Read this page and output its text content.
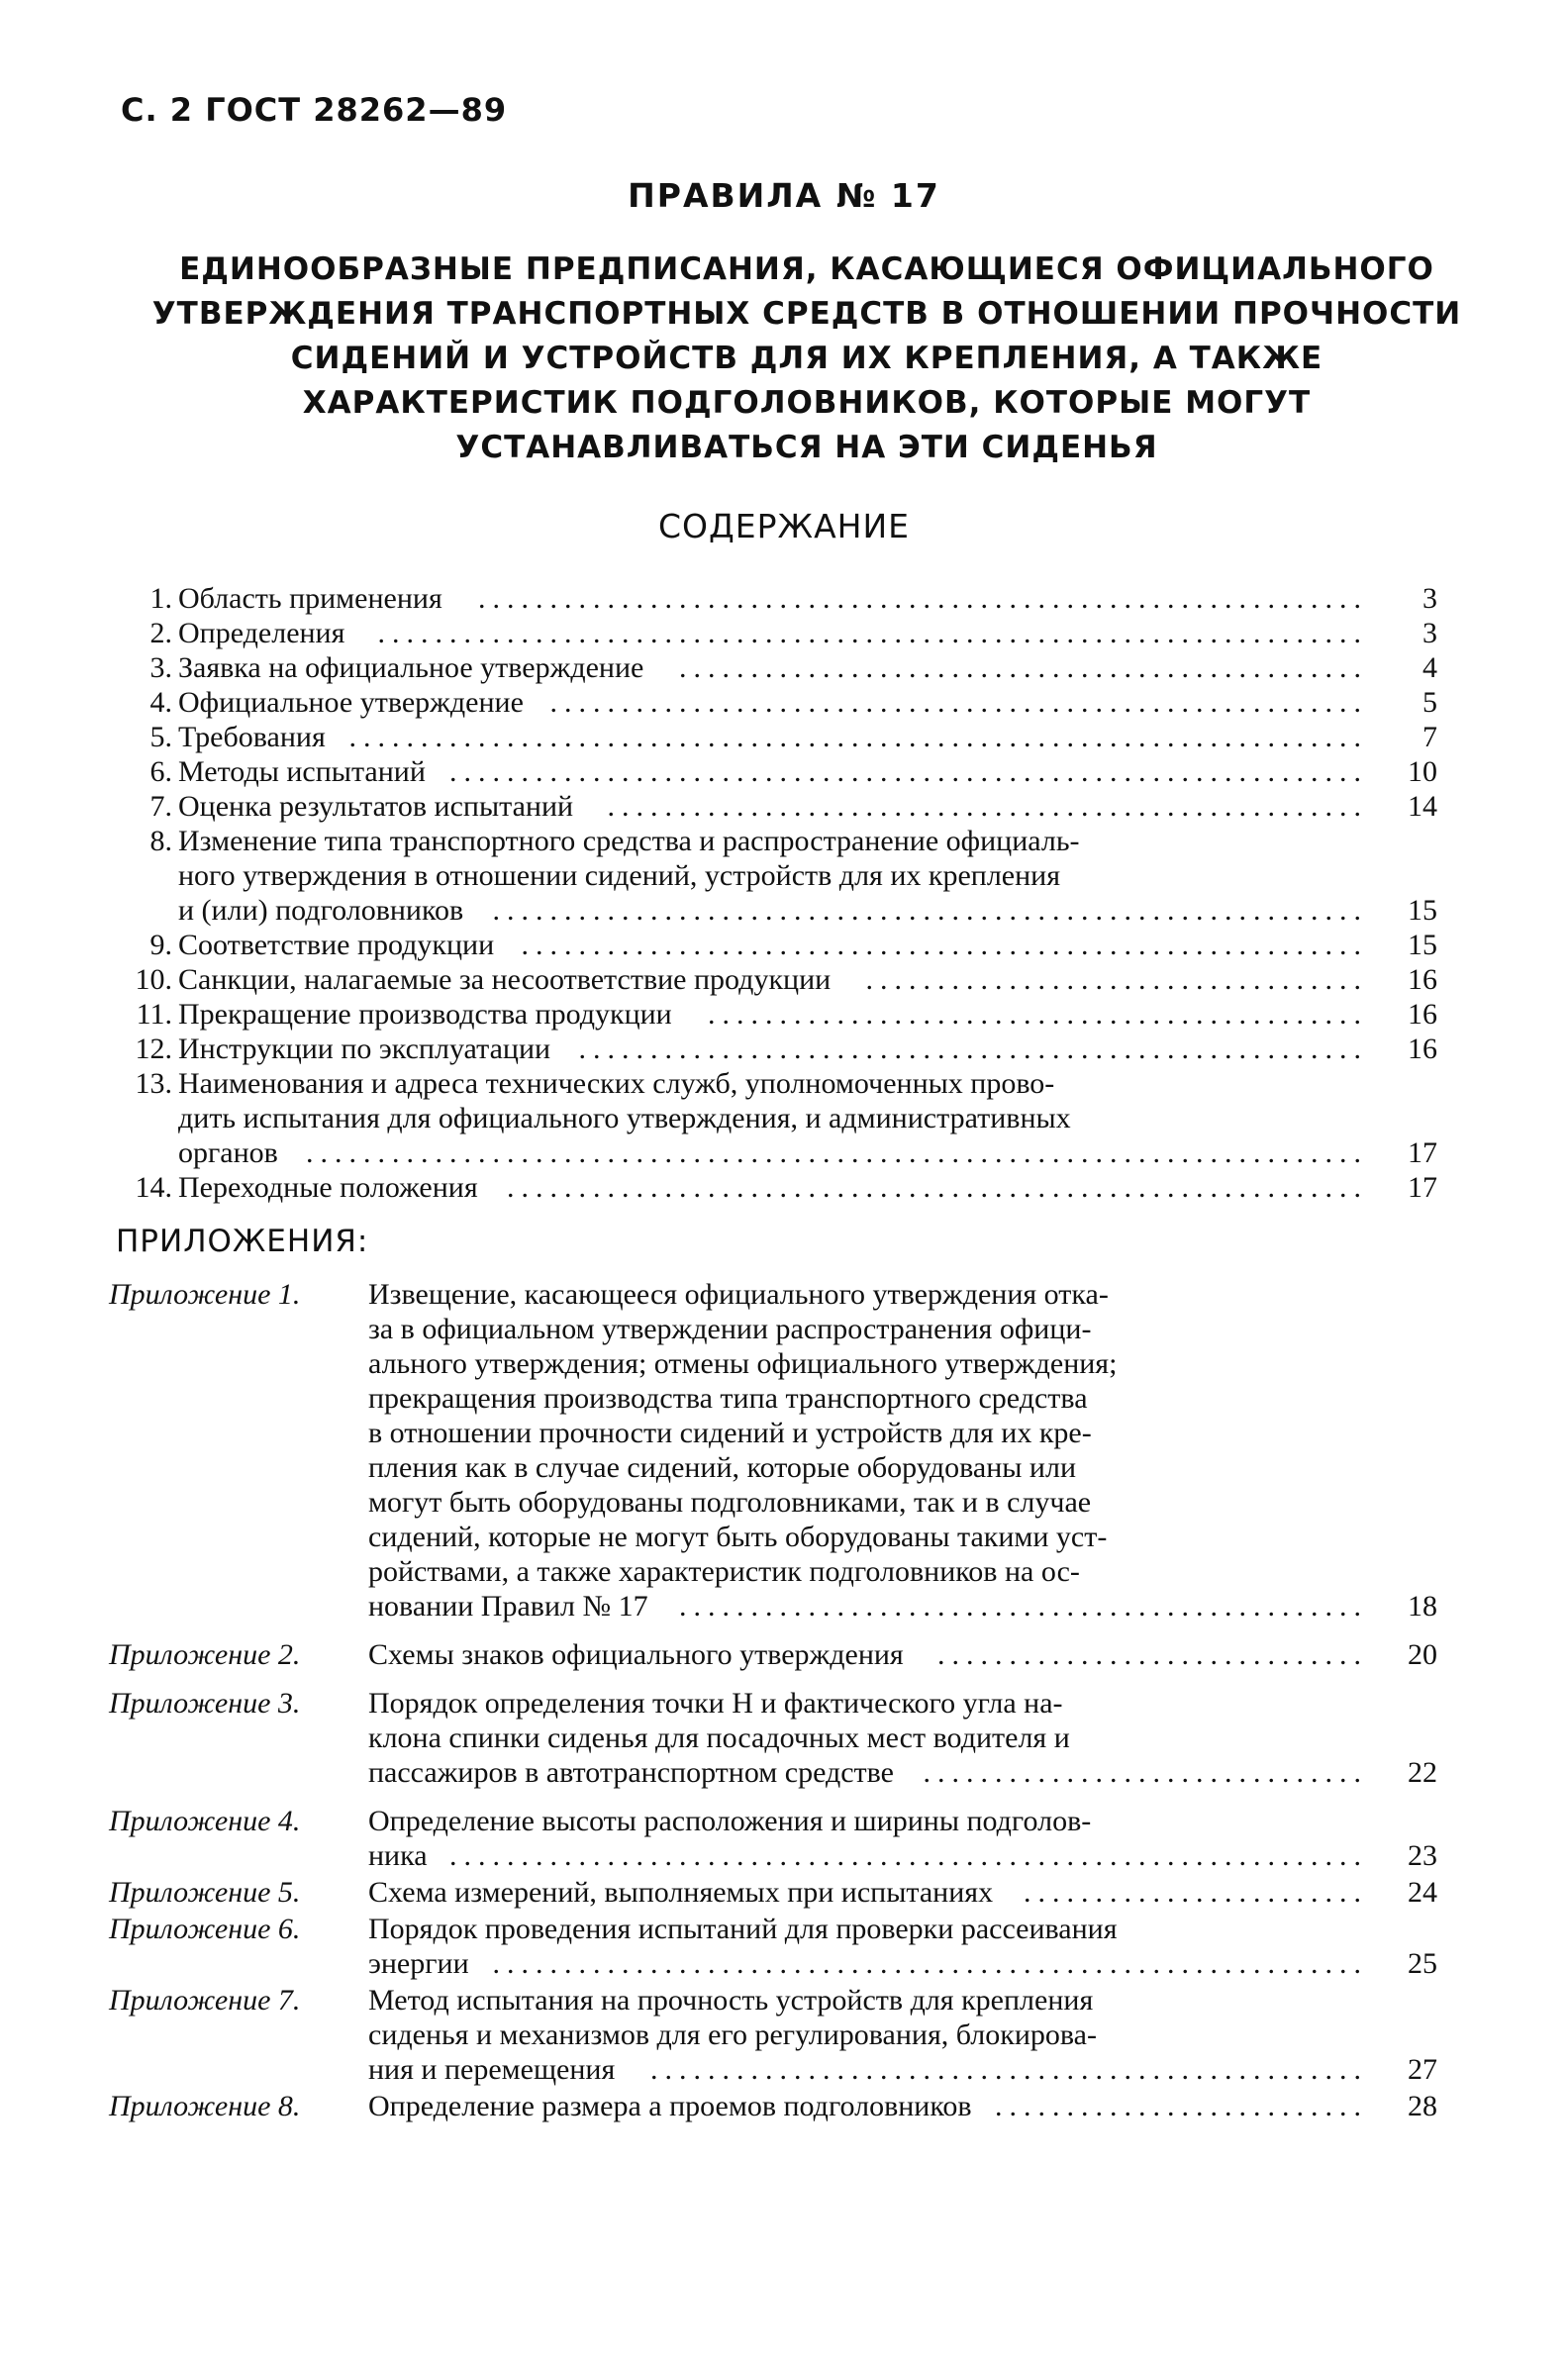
С. 2 ГОСТ 28262—89
ПРАВИЛА № 17
ЕДИНООБРАЗНЫЕ ПРЕДПИСАНИЯ, КАСАЮЩИЕСЯ ОФИЦИАЛЬНОГО
УТВЕРЖДЕНИЯ ТРАНСПОРТНЫХ СРЕДСТВ В ОТНОШЕНИИ ПРОЧНОСТИ
СИДЕНИЙ И УСТРОЙСТВ ДЛЯ ИХ КРЕПЛЕНИЯ, А ТАКЖЕ
ХАРАКТЕРИСТИК ПОДГОЛОВНИКОВ, КОТОРЫЕ МОГУТ
УСТАНАВЛИВАТЬСЯ НА ЭТИ СИДЕНЬЯ
СОДЕРЖАНИЕ
1. Область применения ..............................................................	3
2. Определения .....................................................................	3
3. Заявка на официальное утверждение ................................................	4
4. Официальное утверждение .........................................................	5
5. Требования .......................................................................	7
6. Методы испытаний ................................................................	10
7. Оценка результатов испытаний .....................................................	14
8. Изменение типа транспортного средства и распространение официаль-
ного утверждения в отношении сидений, устройств для их крепления
и (или) подголовников .............................................................	15
9. Соответствие продукции ...........................................................	15
10. Санкции, налагаемые за несоответствие продукции ...................................	16
11. Прекращение производства продукции ..............................................	16
12. Инструкции по эксплуатации .......................................................	16
13. Наименования и адреса технических служб, уполномоченных прово-
дить испытания для официального утверждения, и административных
органов ..........................................................................	17
14. Переходные положения ............................................................	17
ПРИЛОЖЕНИЯ:
Приложение 1. Извещение, касающееся официального утверждения отка-
за в официальном утверждении распространения офици-
ального утверждения; отмены официального утверждения;
прекращения производства типа транспортного средства
в отношении прочности сидений и устройств для их кре-
пления как в случае сидений, которые оборудованы или
могут быть оборудованы подголовниками, так и в случае
сидений, которые не могут быть оборудованы такими уст-
ройствами, а также характеристик подголовников на ос-
новании Правил № 17 ................................................	18
Приложение 2. Схемы знаков официального утверждения ..............................	20
Приложение 3. Порядок определения точки H и фактического угла на-
клона спинки сиденья для посадочных мест водителя и
пассажиров в автотранспортном средстве ...............................	22
Приложение 4. Определение высоты расположения и ширины подголов-
ника ................................................................	23
Приложение 5. Схема измерений, выполняемых при испытаниях ........................	24
Приложение 6. Порядок проведения испытаний для проверки рассеивания
энергии .............................................................	25
Приложение 7. Метод испытания на прочность устройств для крепления
сиденья и механизмов для его регулирования, блокирова-
ния и перемещения ..................................................	27
Приложение 8. Определение размера a проемов подголовников ..........................	28
